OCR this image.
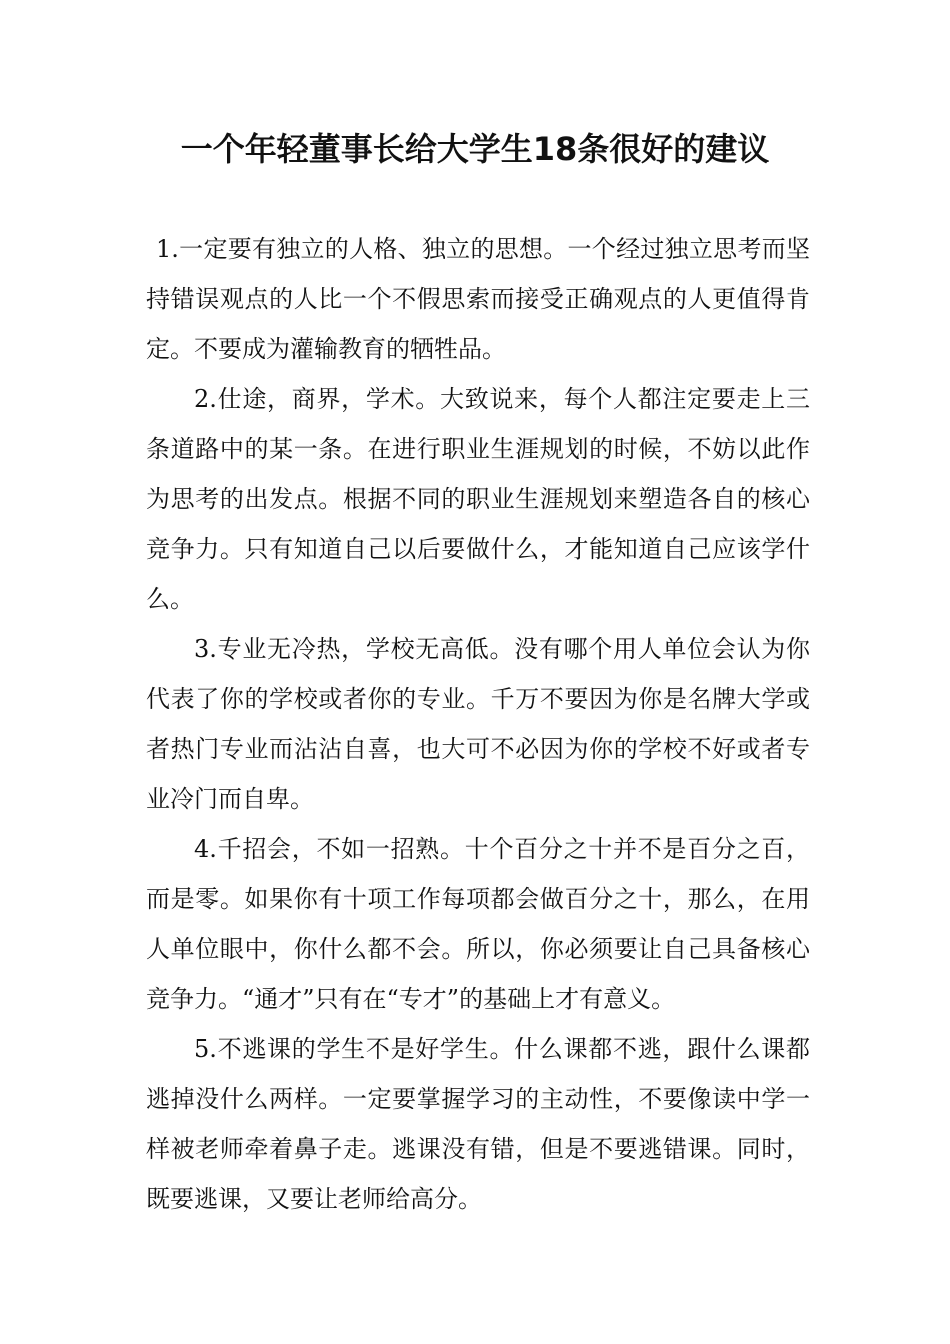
一个年轻董事长给大学生18条很好的建议

1.一定要有独立的人格、独立的思想。一个经过独立思考而坚持错误观点的人比一个不假思索而接受正确观点的人更值得肯定。不要成为灌输教育的牺牲品。

2.仕途，商界，学术。大致说来，每个人都注定要走上三条道路中的某一条。在进行职业生涯规划的时候，不妨以此作为思考的出发点。根据不同的职业生涯规划来塑造各自的核心竞争力。只有知道自己以后要做什么，才能知道自己应该学什么。

3.专业无冷热，学校无高低。没有哪个用人单位会认为你代表了你的学校或者你的专业。千万不要因为你是名牌大学或者热门专业而沾沾自喜，也大可不必因为你的学校不好或者专业冷门而自卑。

4.千招会，不如一招熟。十个百分之十并不是百分之百，而是零。如果你有十项工作每项都会做百分之十，那么，在用人单位眼中，你什么都不会。所以，你必须要让自己具备核心竞争力。“通才”只有在“专才”的基础上才有意义。

5.不逃课的学生不是好学生。什么课都不逃，跟什么课都逃掉没什么两样。一定要掌握学习的主动性，不要像读中学一样被老师牵着鼻子走。逃课没有错，但是不要逃错课。同时，既要逃课，又要让老师给高分。
